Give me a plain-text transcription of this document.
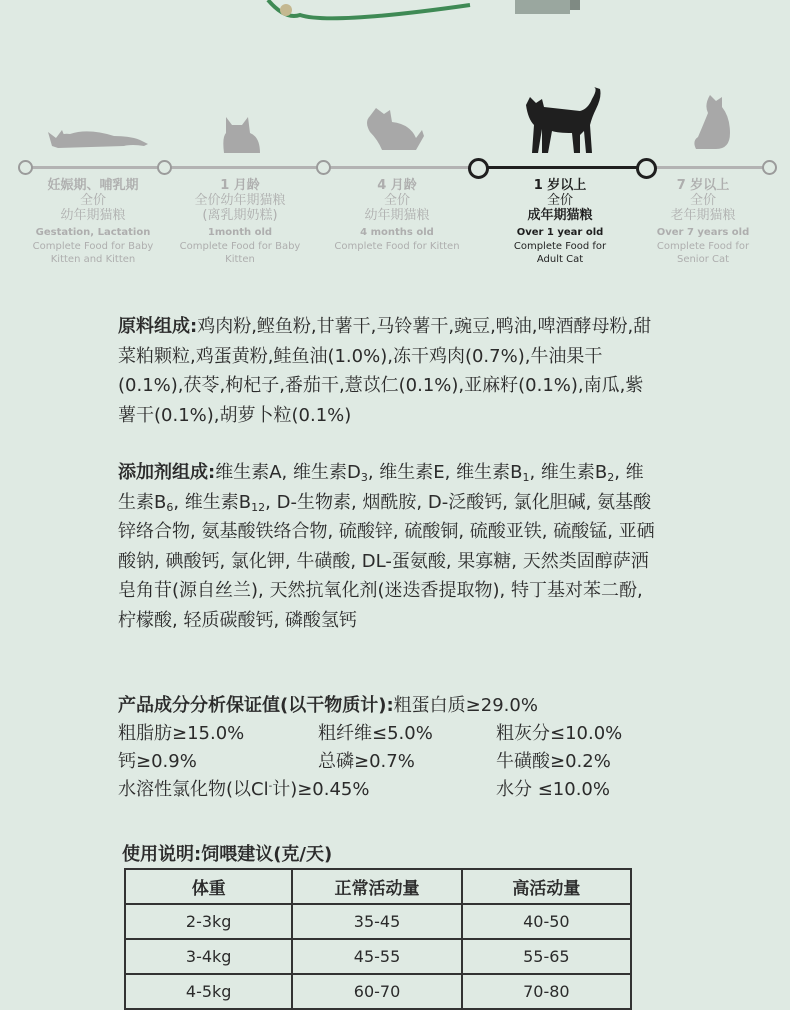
妊娠期、哺乳期
全价
幼年期猫粮
Gestation, Lactation
Complete Food for Baby Kitten and Kitten
1 月龄
全价幼年期猫粮
(离乳期奶糕)
1month old
Complete Food for Baby Kitten
4 月龄
全价
幼年期猫粮
4 months old
Complete Food for Kitten
1 岁以上
全价
成年期猫粮
Over 1 year old
Complete Food for Adult Cat
7 岁以上
全价
老年期猫粮
Over 7 years old
Complete Food for Senior Cat
原料组成:鸡肉粉,鲣鱼粉,甘薯干,马铃薯干,豌豆,鸭油,啤酒酵母粉,甜菜粕颗粒,鸡蛋黄粉,鲑鱼油(1.0%),冻干鸡肉(0.7%),牛油果干(0.1%),茯苓,枸杞子,番茄干,薏苡仁(0.1%),亚麻籽(0.1%),南瓜,紫薯干(0.1%),胡萝卜粒(0.1%)
添加剂组成:维生素A, 维生素$D_3$, 维生素E, 维生素$B_1$, 维生素$B_2$, 维生素$B_6$, 维生素$B_{12}$, D-生物素, 烟酰胺, D-泛酸钙, 氯化胆碱, 氨基酸锌络合物, 氨基酸铁络合物, 硫酸锌, 硫酸铜, 硫酸亚铁, 硫酸锰, 亚硒酸钠, 碘酸钙, 氯化钾, 牛磺酸, DL-蛋氨酸, 果寡糖, 天然类固醇萨洒皂角苷(源自丝兰), 天然抗氧化剂(迷迭香提取物), 特丁基对苯二酚, 柠檬酸, 轻质碳酸钙, 磷酸氢钙
产品成分分析保证值(以干物质计): 粗蛋白质≥29.0%
粗脂肪≥15.0%	粗纤维≤5.0%	粗灰分≤10.0%
钙≥0.9%	总磷≥0.7%	牛磺酸≥0.2%
水溶性氯化物(以Cl-计)≥0.45%	水分 ≤10.0%
使用说明:饲喂建议(克/天)
体重	正常活动量	高活动量
2-3kg	35-45	40-50
3-4kg	45-55	55-65
4-5kg	60-70	70-80
